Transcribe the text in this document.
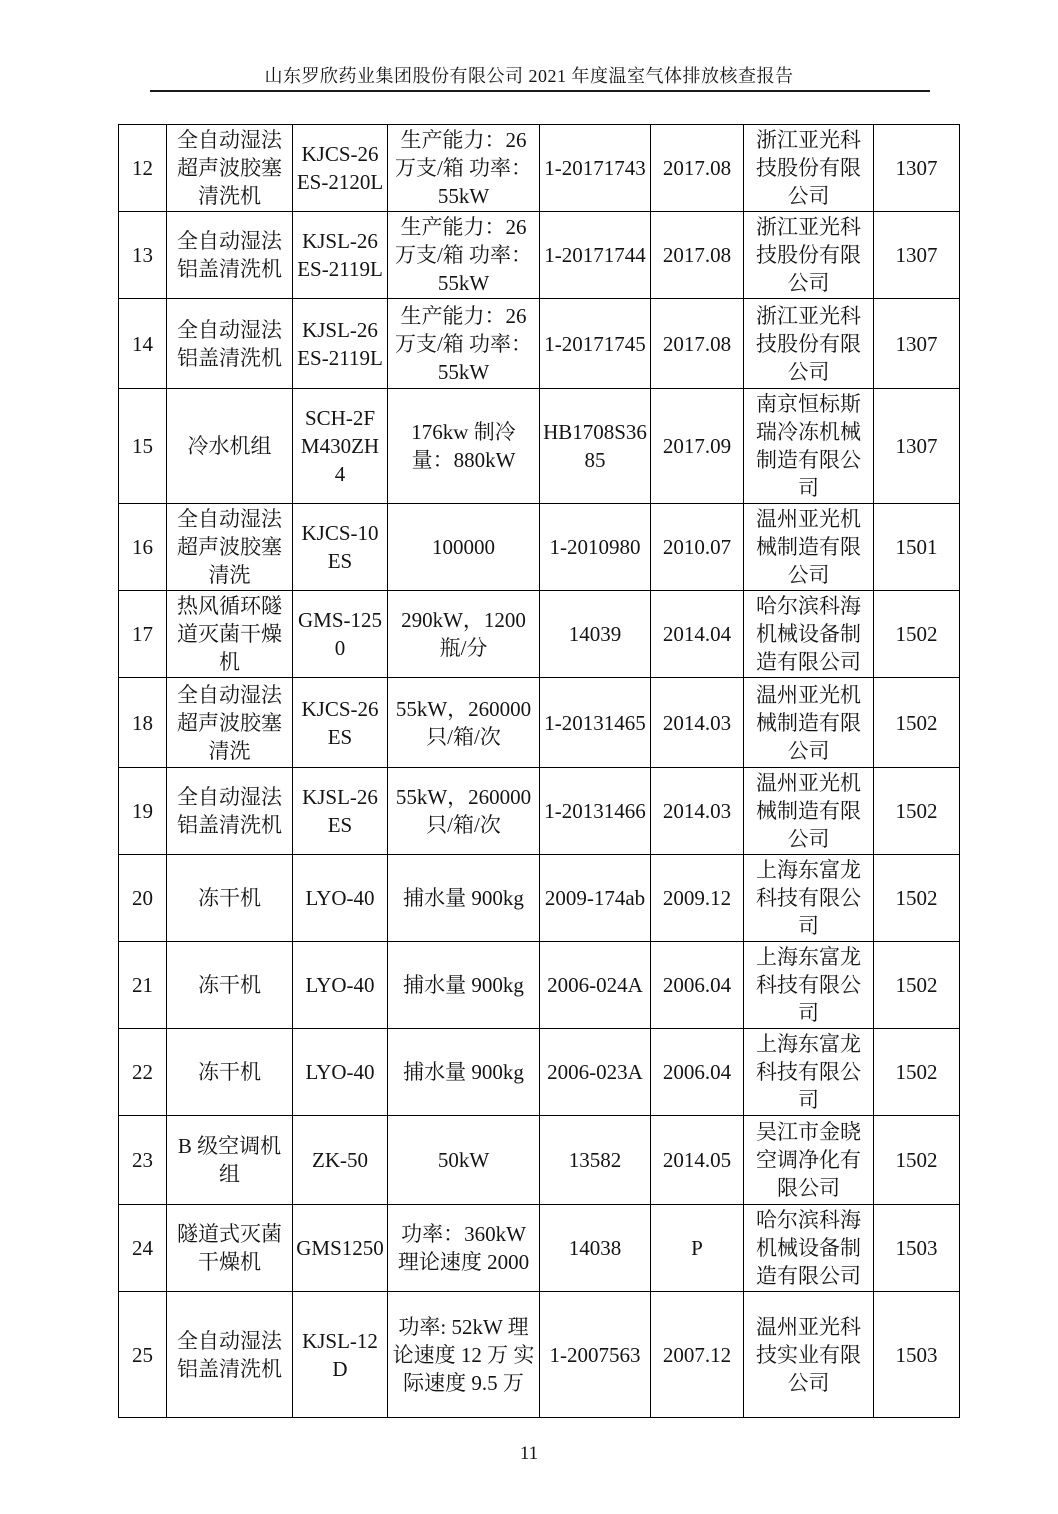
山东罗欣药业集团股份有限公司 2021 年度温室气体排放核查报告
12	全自动湿法超声波胶塞清洗机	KJCS-26ES-2120L	生产能力：26 万支/箱 功率：55kW	1-20171743	2017.08	浙江亚光科技股份有限公司	1307
13	全自动湿法铝盖清洗机	KJSL-26ES-2119L	生产能力：26 万支/箱 功率：55kW	1-20171744	2017.08	浙江亚光科技股份有限公司	1307
14	全自动湿法铝盖清洗机	KJSL-26ES-2119L	生产能力：26 万支/箱 功率：55kW	1-20171745	2017.08	浙江亚光科技股份有限公司	1307
15	冷水机组	SCH-2FM430ZH4	176kw 制冷量：880kW	HB1708S3685	2017.09	南京恒标斯瑞冷冻机械制造有限公司	1307
16	全自动湿法超声波胶塞清洗	KJCS-10ES	100000	1-2010980	2010.07	温州亚光机械制造有限公司	1501
17	热风循环隧道灭菌干燥机	GMS-1250	290kW，1200 瓶/分	14039	2014.04	哈尔滨科海机械设备制造有限公司	1502
18	全自动湿法超声波胶塞清洗	KJCS-26ES	55kW，260000 只/箱/次	1-20131465	2014.03	温州亚光机械制造有限公司	1502
19	全自动湿法铝盖清洗机	KJSL-26ES	55kW，260000 只/箱/次	1-20131466	2014.03	温州亚光机械制造有限公司	1502
20	冻干机	LYO-40	捕水量 900kg	2009-174ab	2009.12	上海东富龙科技有限公司	1502
21	冻干机	LYO-40	捕水量 900kg	2006-024A	2006.04	上海东富龙科技有限公司	1502
22	冻干机	LYO-40	捕水量 900kg	2006-023A	2006.04	上海东富龙科技有限公司	1502
23	B 级空调机组	ZK-50	50kW	13582	2014.05	吴江市金晓空调净化有限公司	1502
24	隧道式灭菌干燥机	GMS1250	功率：360kW 理论速度 2000	14038	P	哈尔滨科海机械设备制造有限公司	1503
25	全自动湿法铝盖清洗机	KJSL-12D	功率: 52kW 理论速度 12 万 实际速度 9.5 万	1-2007563	2007.12	温州亚光科技实业有限公司	1503
11
